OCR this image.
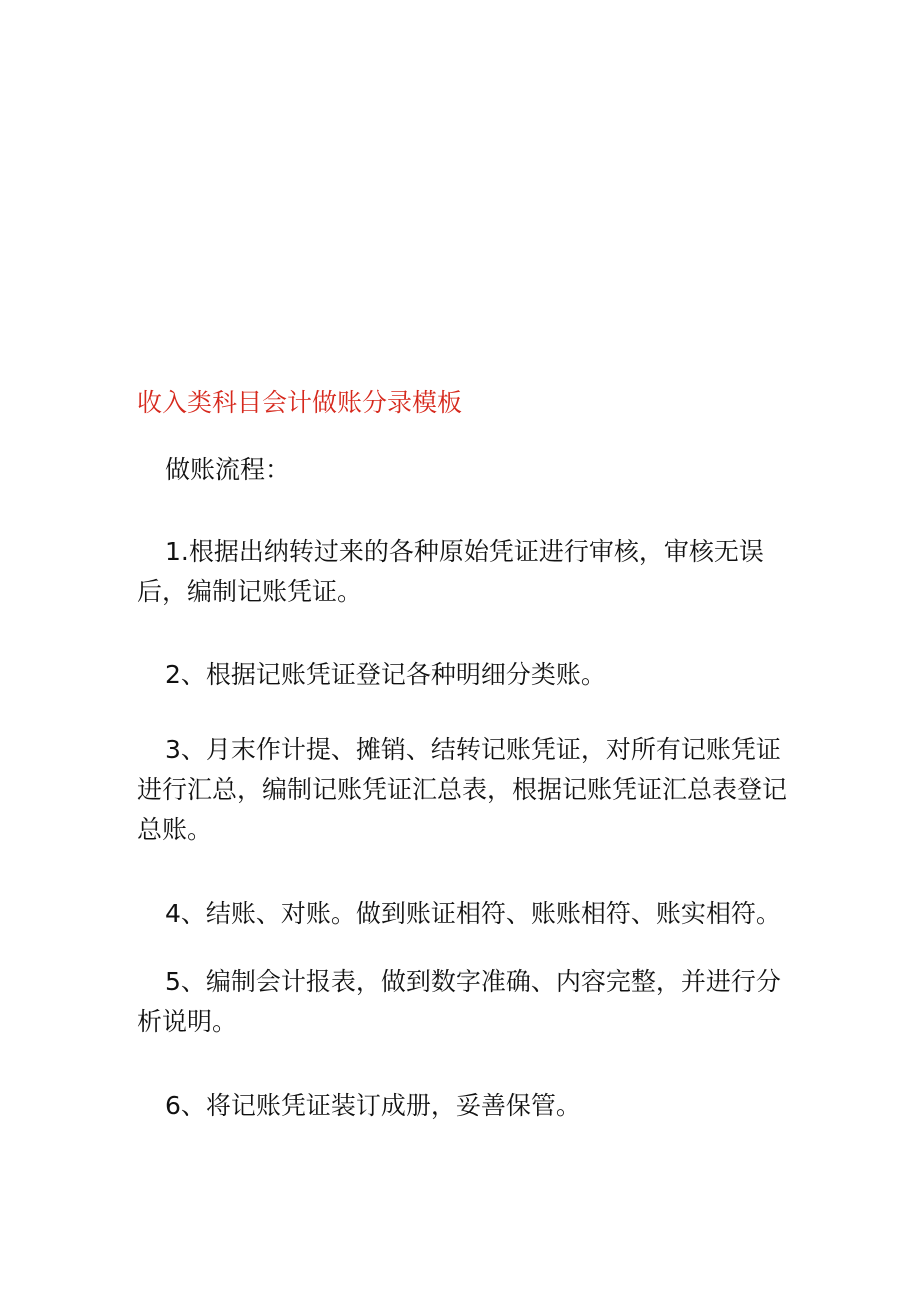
收入类科目会计做账分录模板
做账流程：

1.根据出纳转过来的各种原始凭证进行审核，审核无误后，编制记账凭证。

2、根据记账凭证登记各种明细分类账。

3、月末作计提、摊销、结转记账凭证，对所有记账凭证进行汇总，编制记账凭证汇总表，根据记账凭证汇总表登记总账。

4、结账、对账。做到账证相符、账账相符、账实相符。

5、编制会计报表，做到数字准确、内容完整，并进行分析说明。

6、将记账凭证装订成册，妥善保管。
